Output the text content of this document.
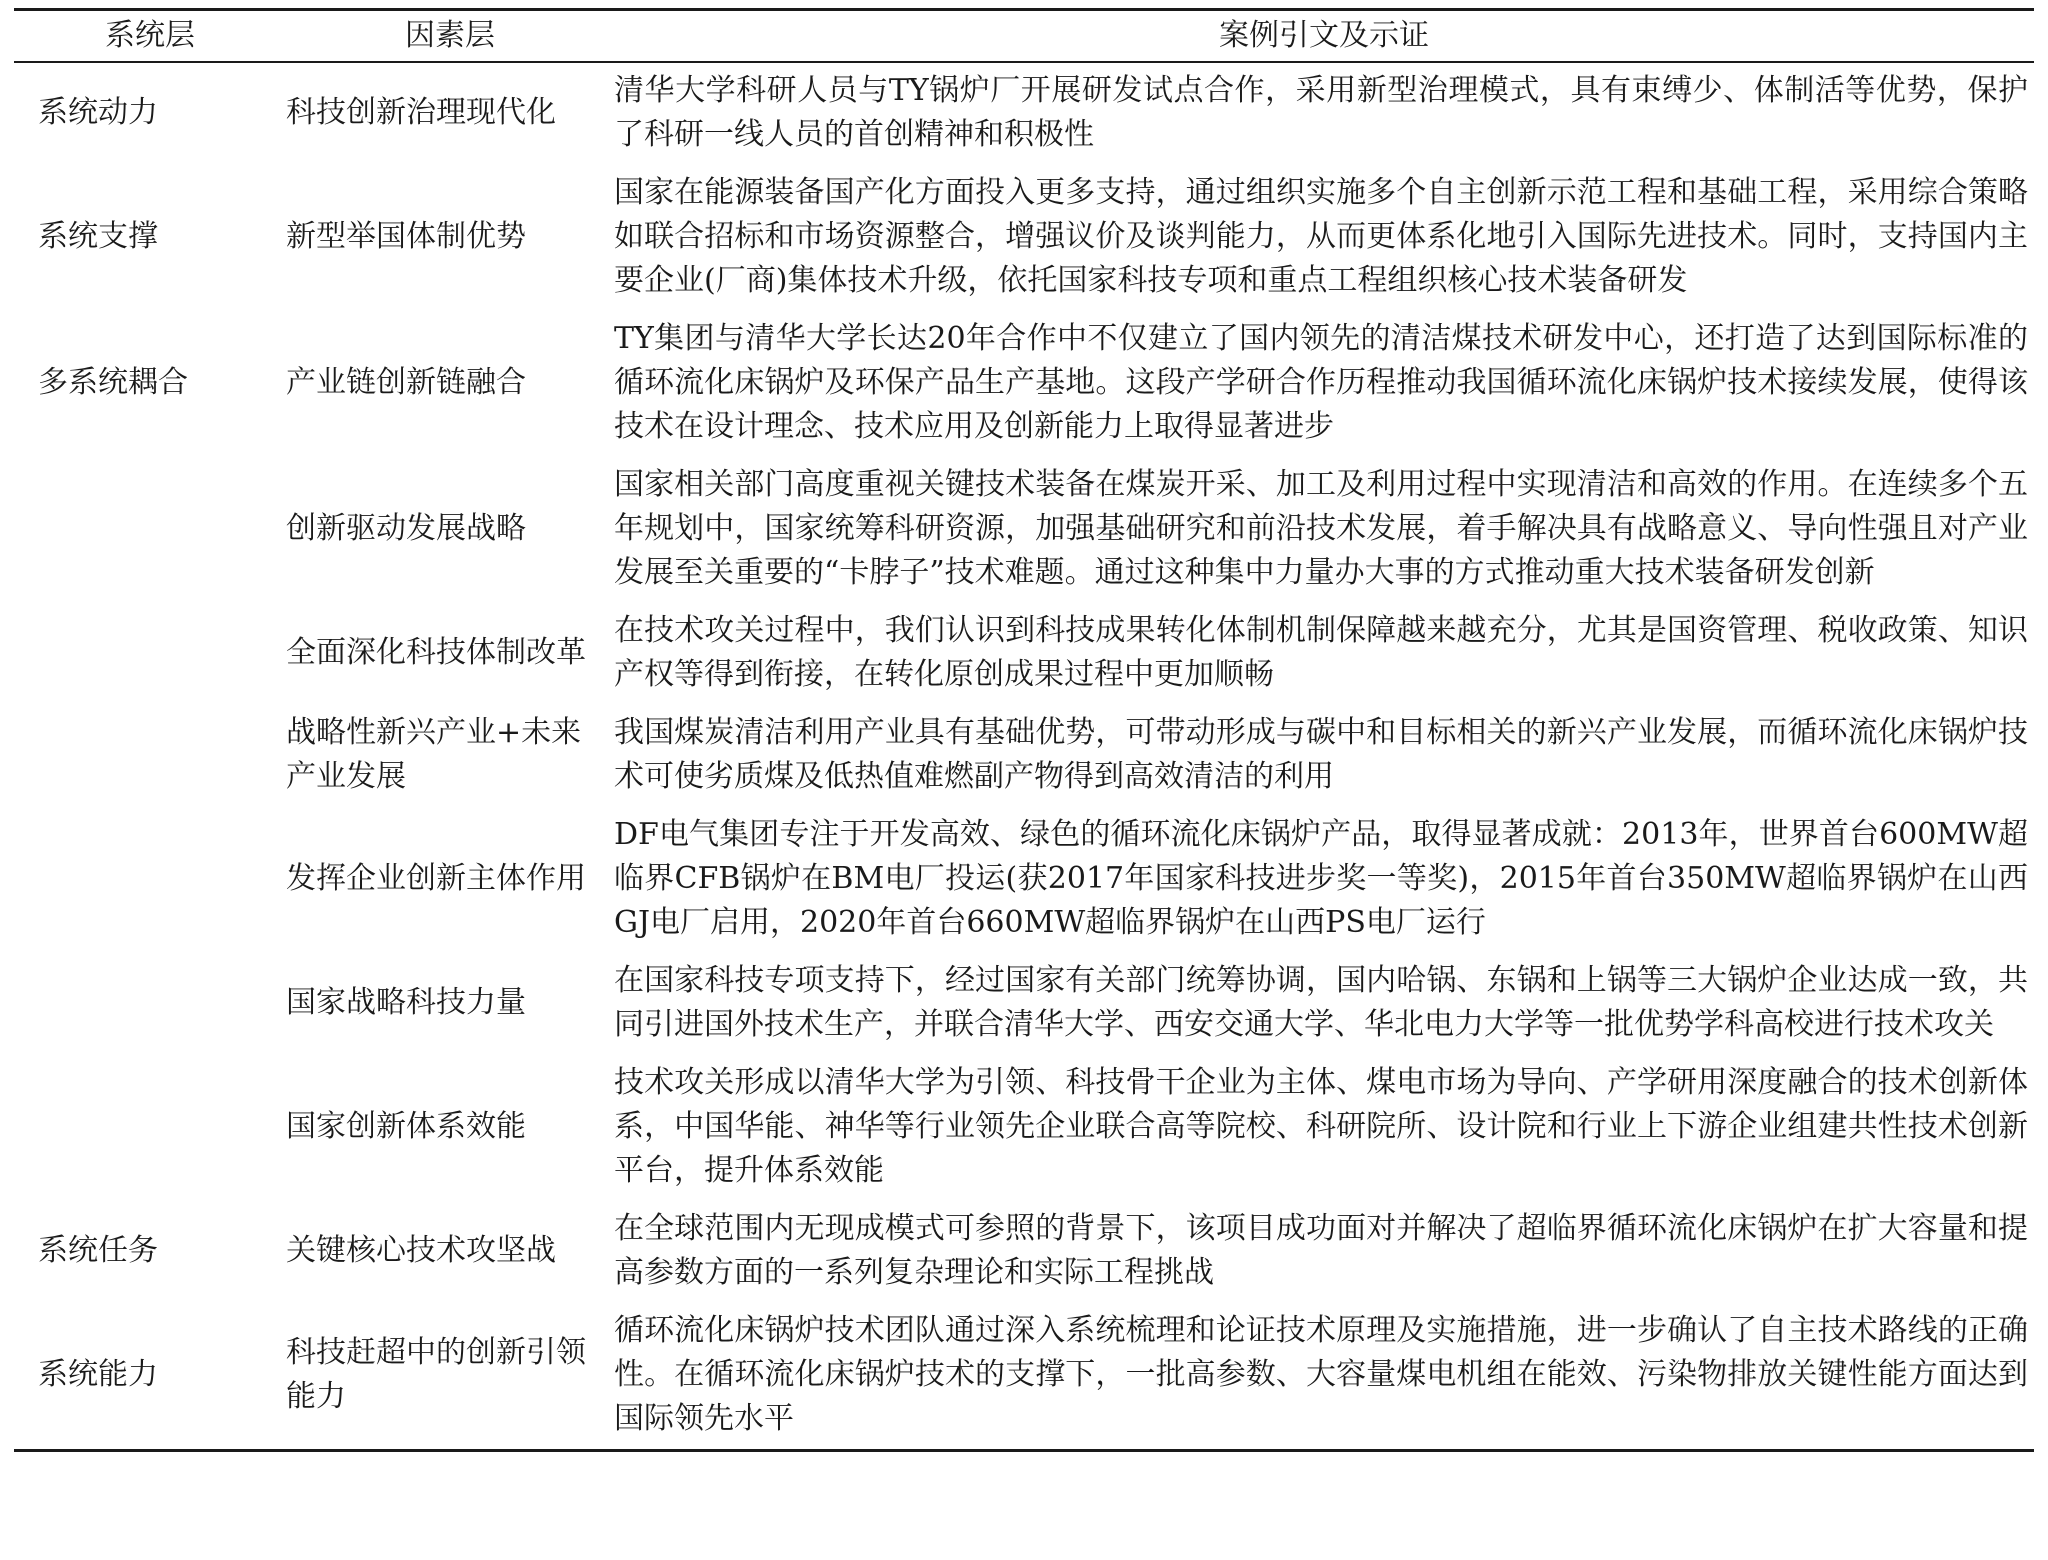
系统层	因素层	案例引文及示证
系统动力	科技创新治理现代化	清华大学科研人员与TY锅炉厂开展研发试点合作，采用新型治理模式，具有束缚少、体制活等优势，保护了科研一线人员的首创精神和积极性
系统支撑	新型举国体制优势	国家在能源装备国产化方面投入更多支持，通过组织实施多个自主创新示范工程和基础工程，采用综合策略如联合招标和市场资源整合，增强议价及谈判能力，从而更体系化地引入国际先进技术。同时，支持国内主要企业(厂商)集体技术升级，依托国家科技专项和重点工程组织核心技术装备研发
多系统耦合	产业链创新链融合	TY集团与清华大学长达20年合作中不仅建立了国内领先的清洁煤技术研发中心，还打造了达到国际标准的循环流化床锅炉及环保产品生产基地。这段产学研合作历程推动我国循环流化床锅炉技术接续发展，使得该技术在设计理念、技术应用及创新能力上取得显著进步
	创新驱动发展战略	国家相关部门高度重视关键技术装备在煤炭开采、加工及利用过程中实现清洁和高效的作用。在连续多个五年规划中，国家统筹科研资源，加强基础研究和前沿技术发展，着手解决具有战略意义、导向性强且对产业发展至关重要的“卡脖子”技术难题。通过这种集中力量办大事的方式推动重大技术装备研发创新
	全面深化科技体制改革	在技术攻关过程中，我们认识到科技成果转化体制机制保障越来越充分，尤其是国资管理、税收政策、知识产权等得到衔接，在转化原创成果过程中更加顺畅
	战略性新兴产业+未来产业发展	我国煤炭清洁利用产业具有基础优势，可带动形成与碳中和目标相关的新兴产业发展，而循环流化床锅炉技术可使劣质煤及低热值难燃副产物得到高效清洁的利用
	发挥企业创新主体作用	DF电气集团专注于开发高效、绿色的循环流化床锅炉产品，取得显著成就：2013年，世界首台600MW超临界CFB锅炉在BM电厂投运(获2017年国家科技进步奖一等奖)，2015年首台350MW超临界锅炉在山西GJ电厂启用，2020年首台660MW超临界锅炉在山西PS电厂运行
	国家战略科技力量	在国家科技专项支持下，经过国家有关部门统筹协调，国内哈锅、东锅和上锅等三大锅炉企业达成一致，共同引进国外技术生产，并联合清华大学、西安交通大学、华北电力大学等一批优势学科高校进行技术攻关
	国家创新体系效能	技术攻关形成以清华大学为引领、科技骨干企业为主体、煤电市场为导向、产学研用深度融合的技术创新体系，中国华能、神华等行业领先企业联合高等院校、科研院所、设计院和行业上下游企业组建共性技术创新平台，提升体系效能
系统任务	关键核心技术攻坚战	在全球范围内无现成模式可参照的背景下，该项目成功面对并解决了超临界循环流化床锅炉在扩大容量和提高参数方面的一系列复杂理论和实际工程挑战
系统能力	科技赶超中的创新引领能力	循环流化床锅炉技术团队通过深入系统梳理和论证技术原理及实施措施，进一步确认了自主技术路线的正确性。在循环流化床锅炉技术的支撑下，一批高参数、大容量煤电机组在能效、污染物排放关键性能方面达到国际领先水平
